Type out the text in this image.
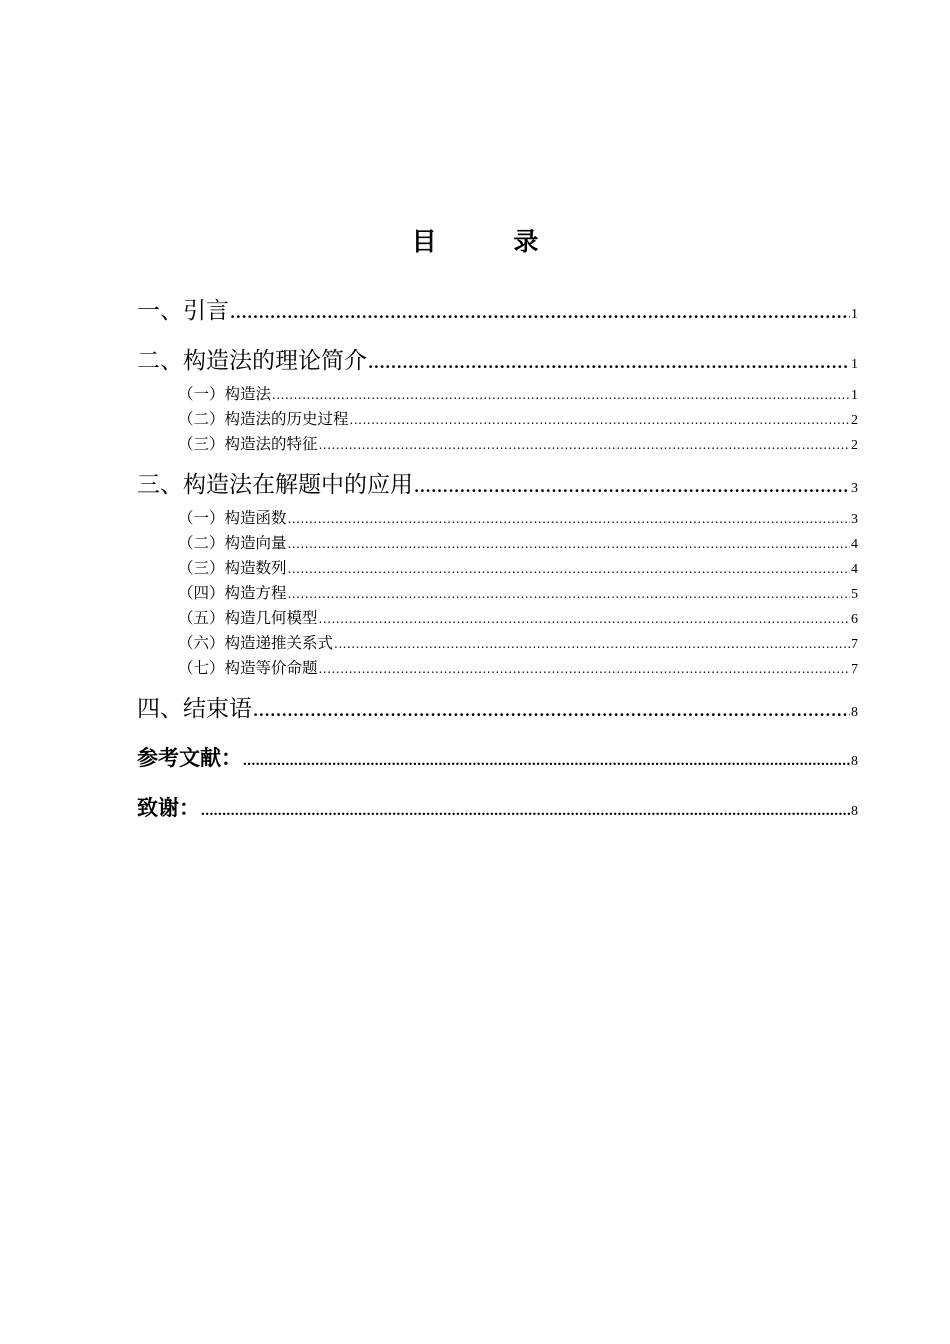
目 录
一、引言 .....	1
二、构造法的理论简介 .....	1
（一）构造法 .....	1
（二）构造法的历史过程 .....	2
（三）构造法的特征 .....	2
三、构造法在解题中的应用 .....	3
（一）构造函数 .....	3
（二）构造向量 .....	4
（三）构造数列 .....	4
（四）构造方程 .....	5
（五）构造几何模型 .....	6
（六）构造递推关系式 .....	7
（七）构造等价命题 .....	7
四、结束语 .....	8
参考文献： .....	8
致谢： .....	8
